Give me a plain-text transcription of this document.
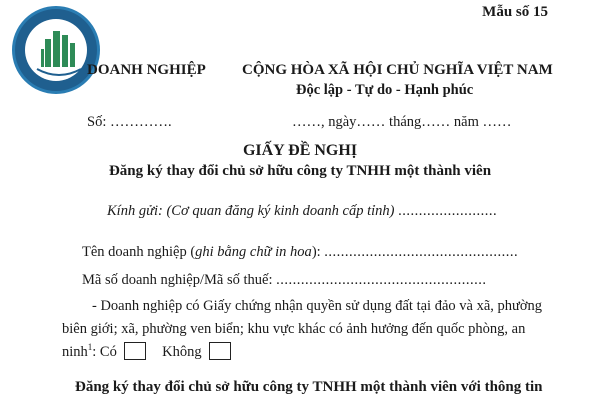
Mẫu số 15
DOANH NGHIỆP CỘNG HÒA XÃ HỘI CHỦ NGHĨA VIỆT NAM
Độc lập - Tự do - Hạnh phúc
Số: ………….	……, ngày…… tháng…… năm ……
GIẤY ĐỀ NGHỊ
Đăng ký thay đổi chủ sở hữu công ty TNHH một thành viên
Kính gửi: (Cơ quan đăng ký kinh doanh cấp tỉnh) ........................
Tên doanh nghiệp (ghi bằng chữ in hoa): ...............................................
Mã số doanh nghiệp/Mã số thuế: ...................................................
- Doanh nghiệp có Giấy chứng nhận quyền sử dụng đất tại đảo và xã, phường
biên giới; xã, phường ven biển; khu vực khác có ảnh hưởng đến quốc phòng, an
ninh$^1$: Có	Không
Đăng ký thay đổi chủ sở hữu công ty TNHH một thành viên với thông tin
